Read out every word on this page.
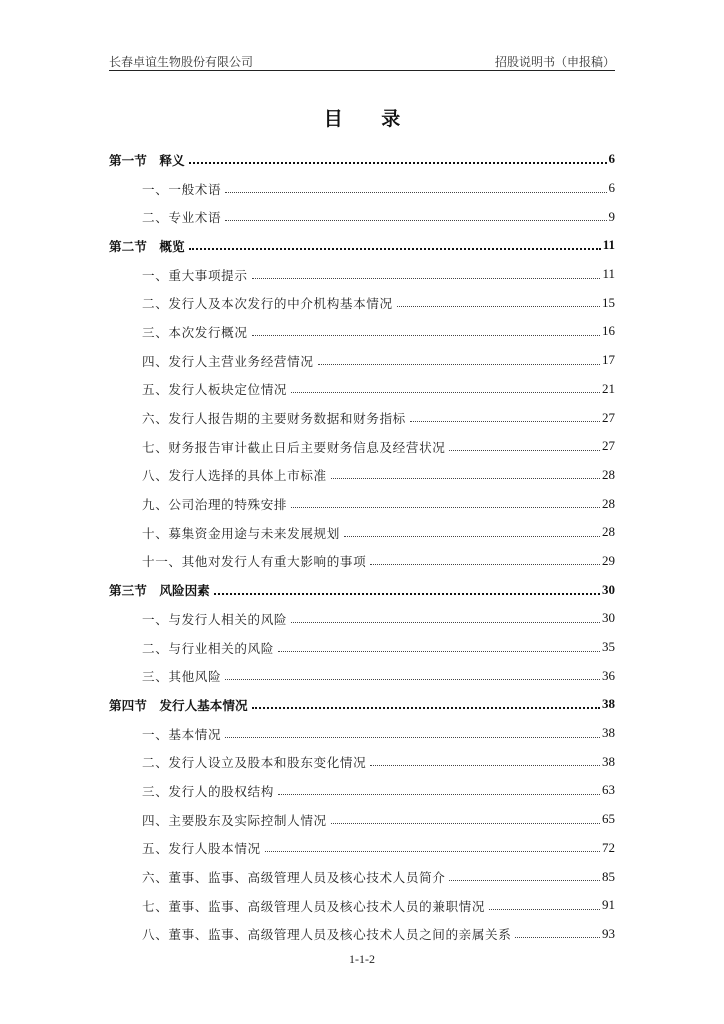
长春卓谊生物股份有限公司	招股说明书（申报稿）
目 录
第一节　释义	6
一、一般术语	6
二、专业术语	9
第二节　概览	11
一、重大事项提示	11
二、发行人及本次发行的中介机构基本情况	15
三、本次发行概况	16
四、发行人主营业务经营情况	17
五、发行人板块定位情况	21
六、发行人报告期的主要财务数据和财务指标	27
七、财务报告审计截止日后主要财务信息及经营状况	27
八、发行人选择的具体上市标准	28
九、公司治理的特殊安排	28
十、募集资金用途与未来发展规划	28
十一、其他对发行人有重大影响的事项	29
第三节　风险因素	30
一、与发行人相关的风险	30
二、与行业相关的风险	35
三、其他风险	36
第四节　发行人基本情况	38
一、基本情况	38
二、发行人设立及股本和股东变化情况	38
三、发行人的股权结构	63
四、主要股东及实际控制人情况	65
五、发行人股本情况	72
六、董事、监事、高级管理人员及核心技术人员简介	85
七、董事、监事、高级管理人员及核心技术人员的兼职情况	91
八、董事、监事、高级管理人员及核心技术人员之间的亲属关系	93
1-1-2
